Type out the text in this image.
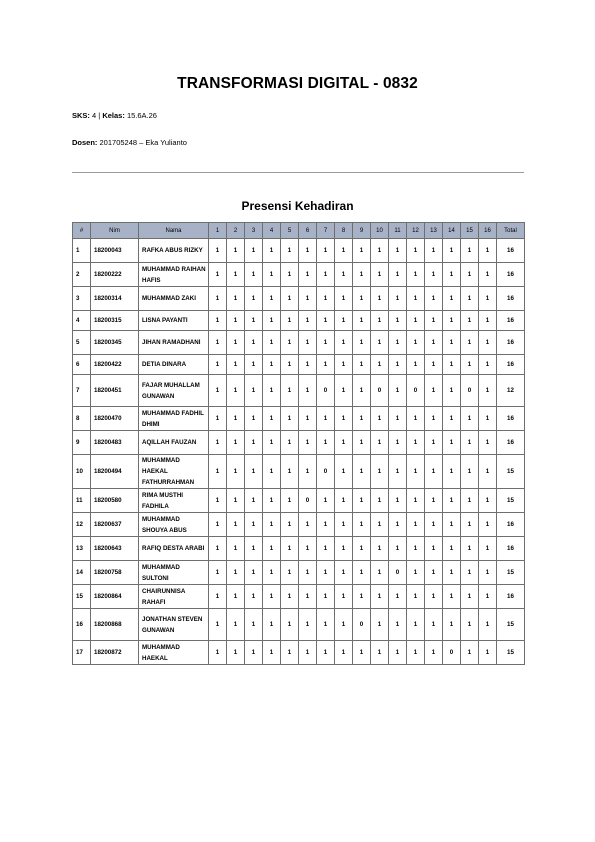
TRANSFORMASI DIGITAL - 0832
SKS: 4 | Kelas: 15.6A.26
Dosen: 201705248 – Eka Yulianto
Presensi Kehadiran
#	Nim	Nama	1	2	3	4	5	6	7	8	9	10	11	12	13	14	15	16	Total
1	18200043	RAFKA ABUS RIZKY	1	1	1	1	1	1	1	1	1	1	1	1	1	1	1	1	16
2	18200222	MUHAMMAD RAIHAN HAFIS	1	1	1	1	1	1	1	1	1	1	1	1	1	1	1	1	16
3	18200314	MUHAMMAD ZAKI	1	1	1	1	1	1	1	1	1	1	1	1	1	1	1	1	16
4	18200315	LISNA PAYANTI	1	1	1	1	1	1	1	1	1	1	1	1	1	1	1	1	16
5	18200345	JIHAN RAMADHANI	1	1	1	1	1	1	1	1	1	1	1	1	1	1	1	1	16
6	18200422	DETIA DINARA	1	1	1	1	1	1	1	1	1	1	1	1	1	1	1	1	16
7	18200451	FAJAR MUHALLAM GUNAWAN	1	1	1	1	1	1	0	1	1	0	1	0	1	1	0	1	12
8	18200470	MUHAMMAD FADHIL DHIMI	1	1	1	1	1	1	1	1	1	1	1	1	1	1	1	1	16
9	18200483	AQILLAH FAUZAN	1	1	1	1	1	1	1	1	1	1	1	1	1	1	1	1	16
10	18200494	MUHAMMAD HAEKAL FATHURRAHMAN	1	1	1	1	1	1	0	1	1	1	1	1	1	1	1	1	15
11	18200580	RIMA MUSTHI FADHILA	1	1	1	1	1	0	1	1	1	1	1	1	1	1	1	1	15
12	18200637	MUHAMMAD SHOUYA ABUS	1	1	1	1	1	1	1	1	1	1	1	1	1	1	1	1	16
13	18200643	RAFIQ DESTA ARABI	1	1	1	1	1	1	1	1	1	1	1	1	1	1	1	1	16
14	18200758	MUHAMMAD SULTONI	1	1	1	1	1	1	1	1	1	1	0	1	1	1	1	1	15
15	18200864	CHAIRUNNISA RAHAFI	1	1	1	1	1	1	1	1	1	1	1	1	1	1	1	1	16
16	18200868	JONATHAN STEVEN GUNAWAN	1	1	1	1	1	1	1	1	0	1	1	1	1	1	1	1	15
17	18200872	MUHAMMAD HAEKAL	1	1	1	1	1	1	1	1	1	1	1	1	1	0	1	1	15
